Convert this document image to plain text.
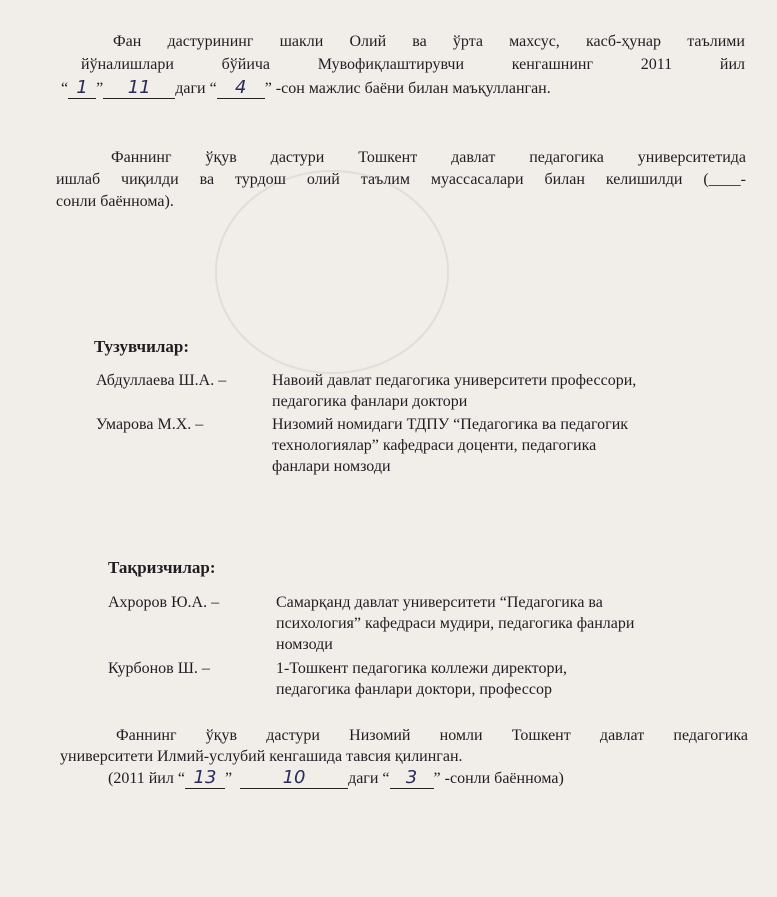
Фан дастурининг шакли Олий ва ўрта махсус, касб-ҳунар таълими
йўналишлари	бўйича	Мувофиқлаштирувчи	кенгашнинг	2011	йил
“ 1 ” 11 даги “ 4 ” -сон мажлис баёни билан маъқулланган.
Фаннинг ўқув дастури Тошкент давлат педагогика университетида
ишлаб чиқилди ва турдош олий таълим муассасалари билан келишилди (____-
сонли баённома).
Тузувчилар:
Абдуллаева Ш.А. –	Навоий давлат педагогика университети профессори,
педагогика фанлари доктори
Умарова М.Х. –	Низомий номидаги ТДПУ “Педагогика ва педагогик
технологиялар” кафедраси доценти, педагогика
фанлари номзоди
Тақризчилар:
Ахроров Ю.А. –	Самарқанд давлат университети “Педагогика ва
психология” кафедраси мудири, педагогика фанлари
номзоди
Курбонов Ш. –	1-Тошкент педагогика коллежи директори,
педагогика фанлари доктори, профессор
Фаннинг ўқув дастури Низомий номли Тошкент давлат педагогика
университети Илмий-услубий кенгашида тавсия қилинган.
(2011 йил “ 13 ”	10	даги “ 3 ” -сонли баённома)
